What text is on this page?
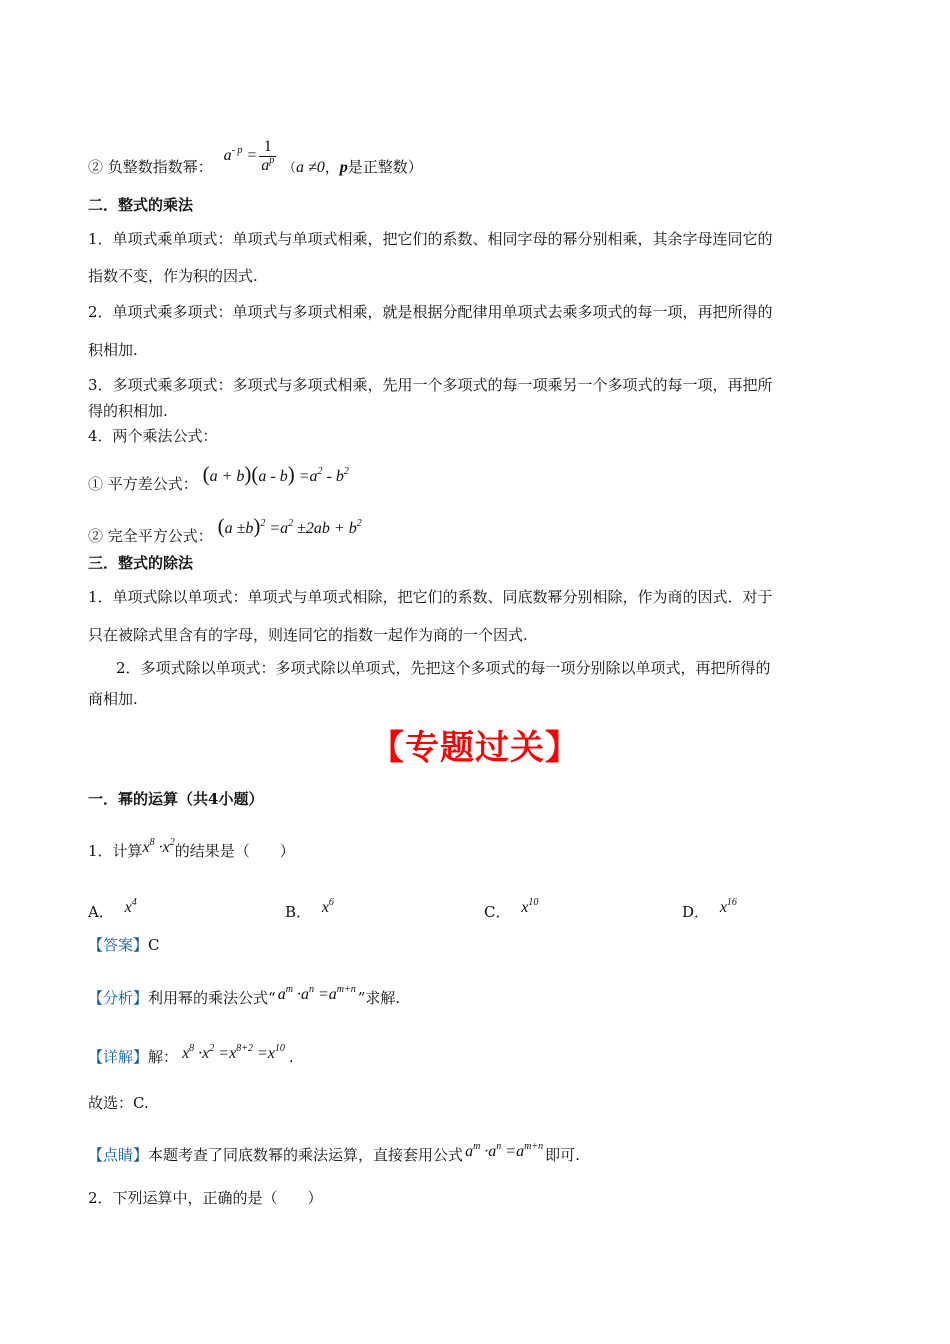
② 负整数指数幂： $a^{- p} = \frac{1}{a^p} (a \ne 0$，p是正整数）
二．整式的乘法
1．单项式乘单项式：单项式与单项式相乘，把它们的系数、相同字母的幂分别相乘，其余字母连同它的
指数不变，作为积的因式.
2．单项式乘多项式：单项式与多项式相乘，就是根据分配律用单项式去乘多项式的每一项，再把所得的
积相加.
3．多项式乘多项式：多项式与多项式相乘，先用一个多项式的每一项乘另一个多项式的每一项，再把所
得的积相加.
4．两个乘法公式：
① 平方差公式： $(a + b)(a - b) =a^2 - b^2$
② 完全平方公式： $(a \pm b)^2 =a^2 \pm 2ab + b^2$
三．整式的除法
1．单项式除以单项式：单项式与单项式相除，把它们的系数、同底数幂分别相除，作为商的因式．对于
只在被除式里含有的字母，则连同它的指数一起作为商的一个因式.
2．多项式除以单项式：多项式除以单项式，先把这个多项式的每一项分别除以单项式，再把所得的
商相加.
【专题过关】
一．幂的运算（共4小题）
1．计算$x^8 \cdot x^2$的结果是（　　）
A． $x^4$
B． $x^6$
C． $x^{10}$
D． $x^{16}$
【答案】C
【分析】利用幂的乘法公式“ $a^m \cdot a^n =a^{m+n}$ ”求解.
【详解】解： $x^8 \cdot x^2 =x^{8+2} =x^{10}$ .
故选：C.
【点睛】本题考查了同底数幂的乘法运算，直接套用公式 $a^m \cdot a^n =a^{m+n}$ 即可.
2．下列运算中，正确的是（　　）
